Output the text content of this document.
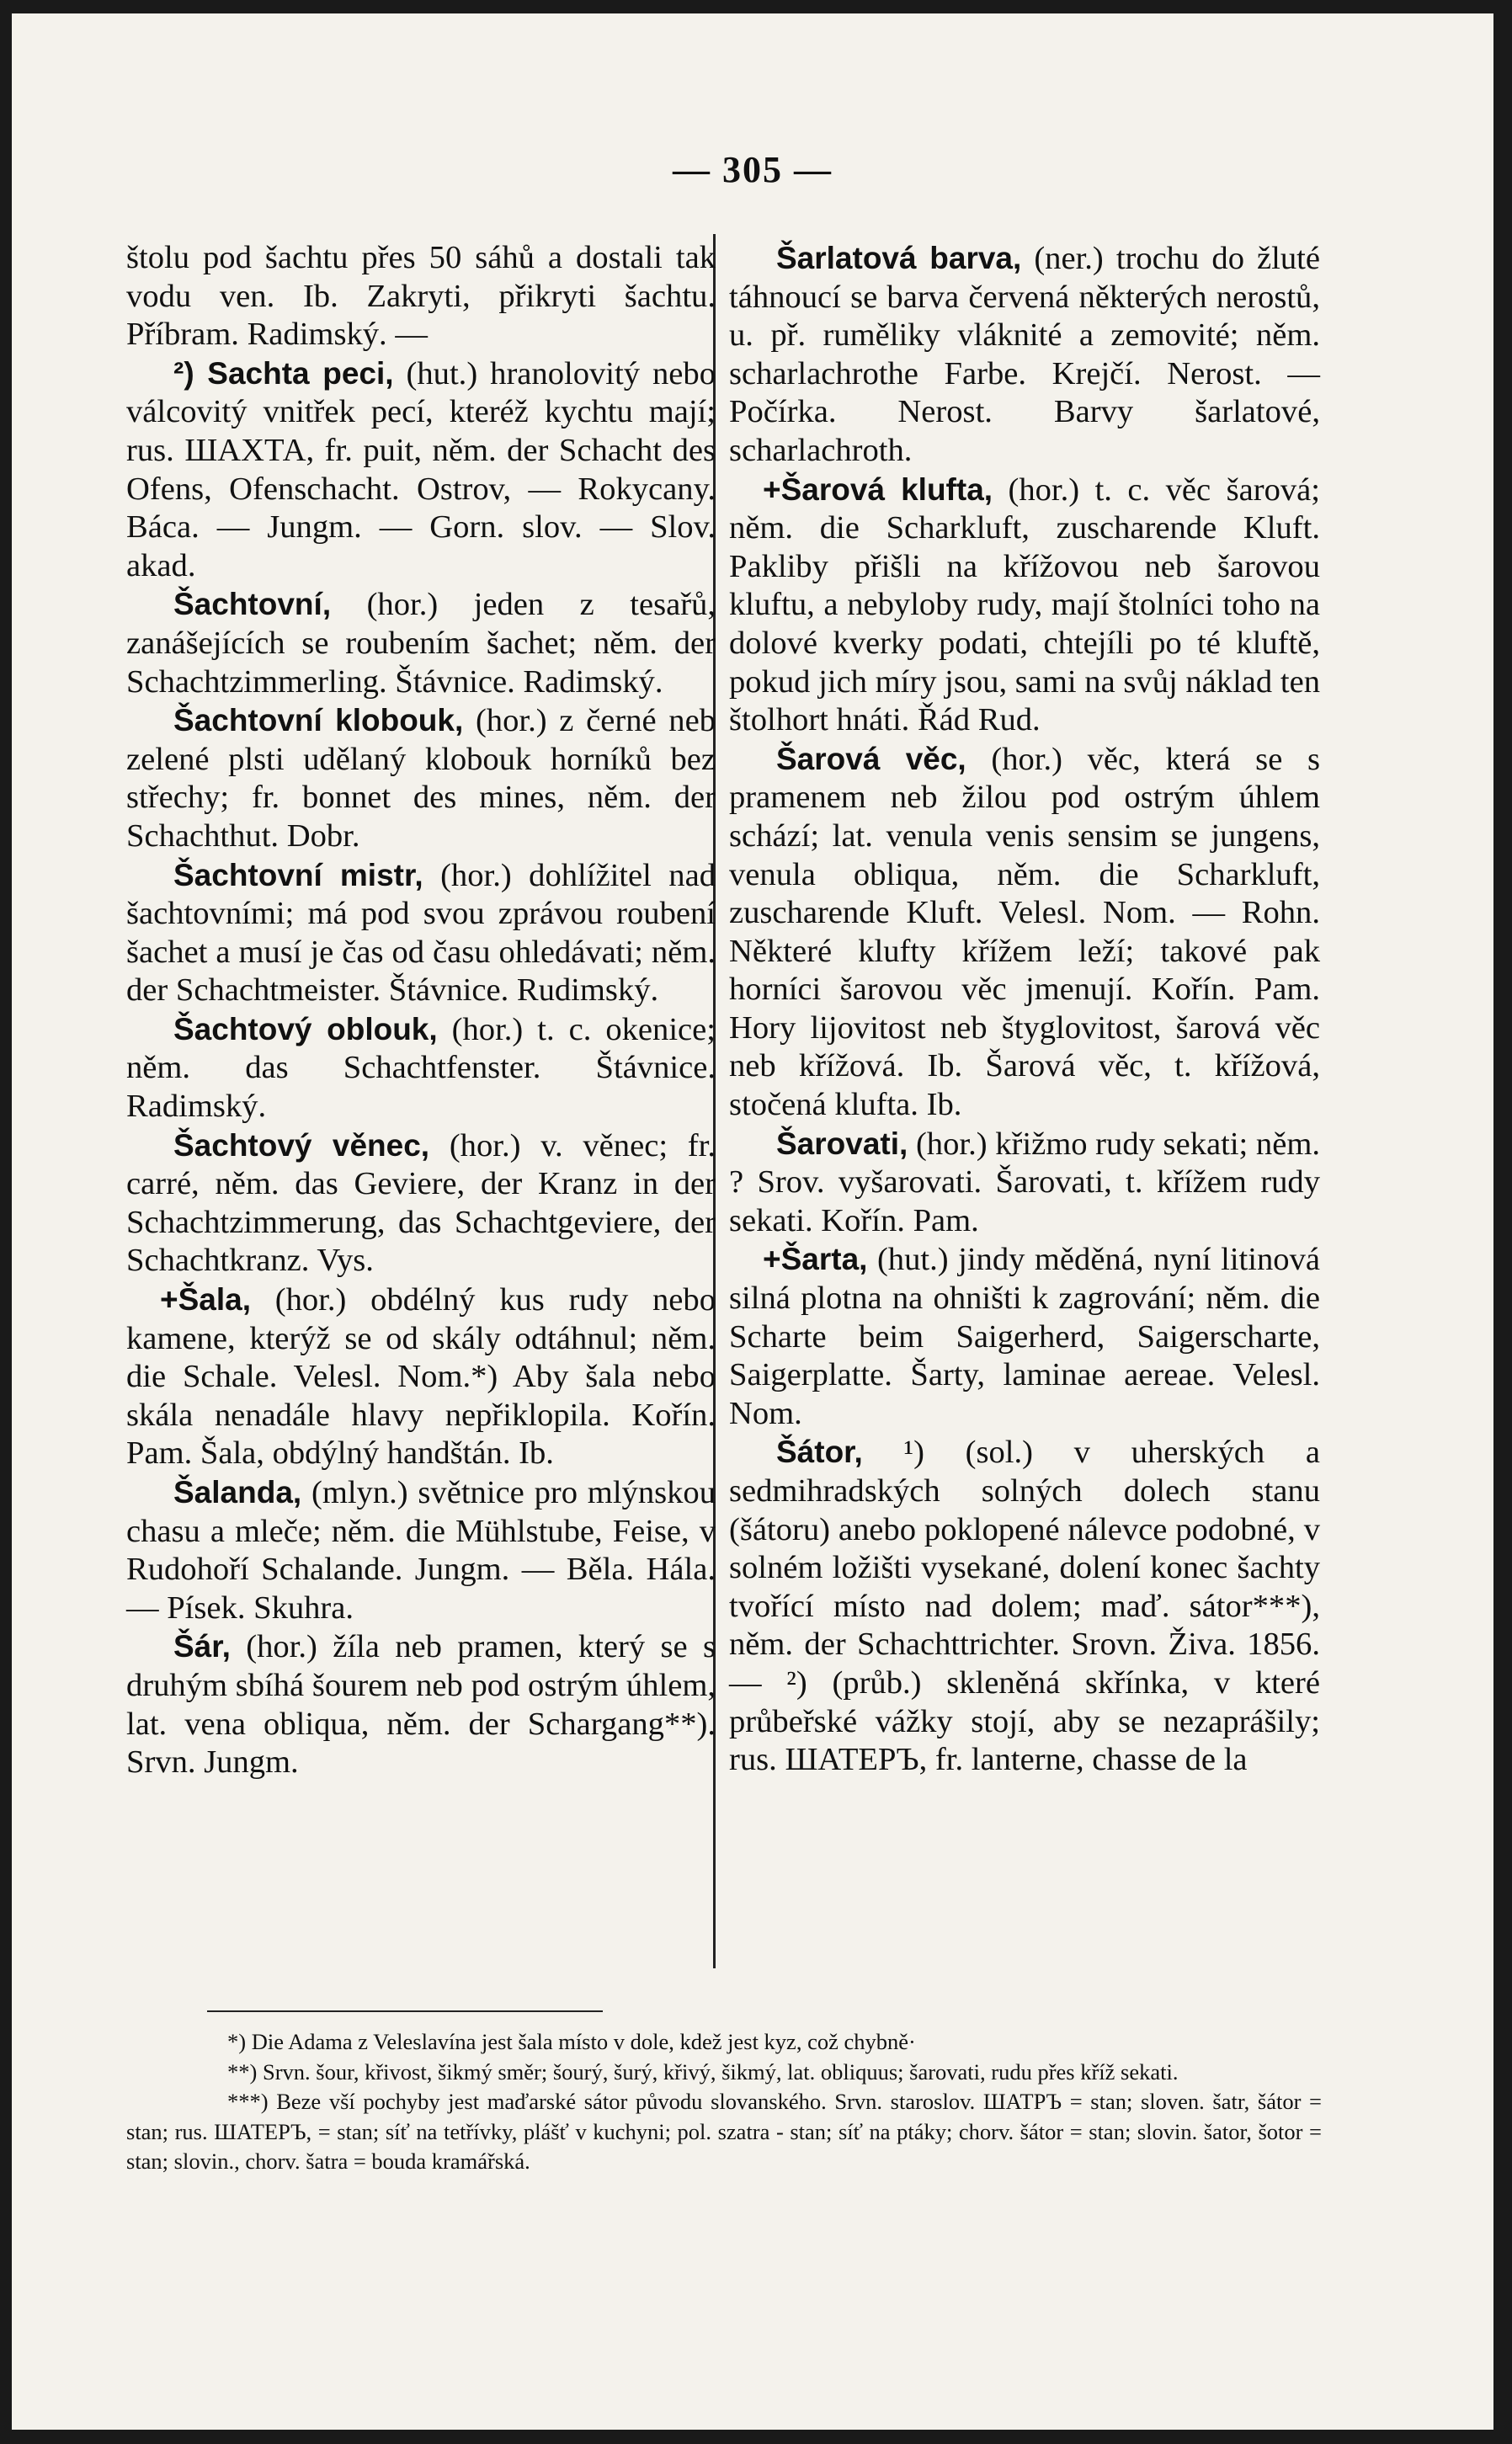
— 305 —

štolu pod šachtu přes 50 sáhů a dostali tak vodu ven. Ib. Zakryti, přikryti šachtu. Příbram. Radimský. —

²) Sachta peci, (hut.) hranolovitý nebo válcovitý vnitřek pecí, kteréž kychtu mají; rus. ШАХТА, fr. puit, něm. der Schacht des Ofens, Ofenschacht. Ostrov, — Rokycany. Báca. — Jungm. — Gorn. slov. — Slov. akad.

Šachtovní, (hor.) jeden z tesařů, zanášejících se roubením šachet; něm. der Schachtzimmerling. Štávnice. Radimský.

Šachtovní klobouk, (hor.) z černé neb zelené plsti udělaný klobouk horníků bez střechy; fr. bonnet des mines, něm. der Schachthut. Dobr.

Šachtovní mistr, (hor.) dohlížitel nad šachtovními; má pod svou zprávou roubení šachet a musí je čas od času ohledávati; něm. der Schachtmeister. Štávnice. Rudimský.

Šachtový oblouk, (hor.) t. c. okenice; něm. das Schachtfenster. Štávnice. Radimský.

Šachtový věnec, (hor.) v. věnec; fr. carré, něm. das Geviere, der Kranz in der Schachtzimmerung, das Schachtgeviere, der Schachtkranz. Vys.

+Šala, (hor.) obdélný kus rudy nebo kamene, kterýž se od skály odtáhnul; něm. die Schale. Velesl. Nom.*) Aby šala nebo skála nenadále hlavy nepřiklopila. Kořín. Pam. Šala, obdýlný handštán. Ib.

Šalanda, (mlyn.) světnice pro mlýnskou chasu a mleče; něm. die Mühlstube, Feise, v Rudohoří Schalande. Jungm. — Běla. Hála. — Písek. Skuhra.

Šár, (hor.) žíla neb pramen, který se s druhým sbíhá šourem neb pod ostrým úhlem, lat. vena obliqua, něm. der Schargang**). Srvn. Jungm.

Šarlatová barva, (ner.) trochu do žluté táhnoucí se barva červená některých nerostů, u. př. ruměliky vláknité a zemovité; něm. scharlachrothe Farbe. Krejčí. Nerost. — Počírka. Nerost. Barvy šarlatové, scharlachroth.

+Šarová klufta, (hor.) t. c. věc šarová; něm. die Scharkluft, zuscharende Kluft. Pakliby přišli na křížovou neb šarovou kluftu, a nebyloby rudy, mají štolníci toho na dolové kverky podati, chtejíli po té kluftě, pokud jich míry jsou, sami na svůj náklad ten štolhort hnáti. Řád Rud.

Šarová věc, (hor.) věc, která se s pramenem neb žilou pod ostrým úhlem schází; lat. venula venis sensim se jungens, venula obliqua, něm. die Scharkluft, zuscharende Kluft. Velesl. Nom. — Rohn. Některé klufty křížem leží; takové pak horníci šarovou věc jmenují. Kořín. Pam. Hory lijovitost neb štyglovitost, šarová věc neb křížová. Ib. Šarová věc, t. křížová, stočená klufta. Ib.

Šarovati, (hor.) křižmo rudy sekati; něm. ? Srov. vyšarovati. Šarovati, t. křížem rudy sekati. Kořín. Pam.

+Šarta, (hut.) jindy měděná, nyní litinová silná plotna na ohništi k zagrování; něm. die Scharte beim Saigerherd, Saigerscharte, Saigerplatte. Šarty, laminae aereae. Velesl. Nom.

Šátor, ¹) (sol.) v uherských a sedmihradských solných dolech stanu (šátoru) anebo poklopené nálevce podobné, v solném ložišti vysekané, dolení konec šachty tvořící místo nad dolem; maď. sátor***), něm. der Schachttrichter. Srovn. Živa. 1856. — ²) (průb.) skleněná skřínka, v které průbeřské vážky stojí, aby se nezaprášily; rus. ШАТЕРЪ, fr. lanterne, chasse de la

*) Die Adama z Veleslavína jest šala místo v dole, kdež jest kyz, což chybně·

**) Srvn. šour, křivost, šikmý směr; šourý, šurý, křivý, šikmý, lat. obliquus; šarovati, rudu přes kříž sekati.

***) Beze vší pochyby jest maďarské sátor původu slovanského. Srvn. staroslov. ШАТРЪ = stan; sloven. šatr, šátor = stan; rus. ШАТЕРЪ, = stan; síť na tetřívky, plášť v kuchyni; pol. szatra - stan; síť na ptáky; chorv. šátor = stan; slovin. šator, šotor = stan; slovin., chorv. šatra = bouda kramářská.
